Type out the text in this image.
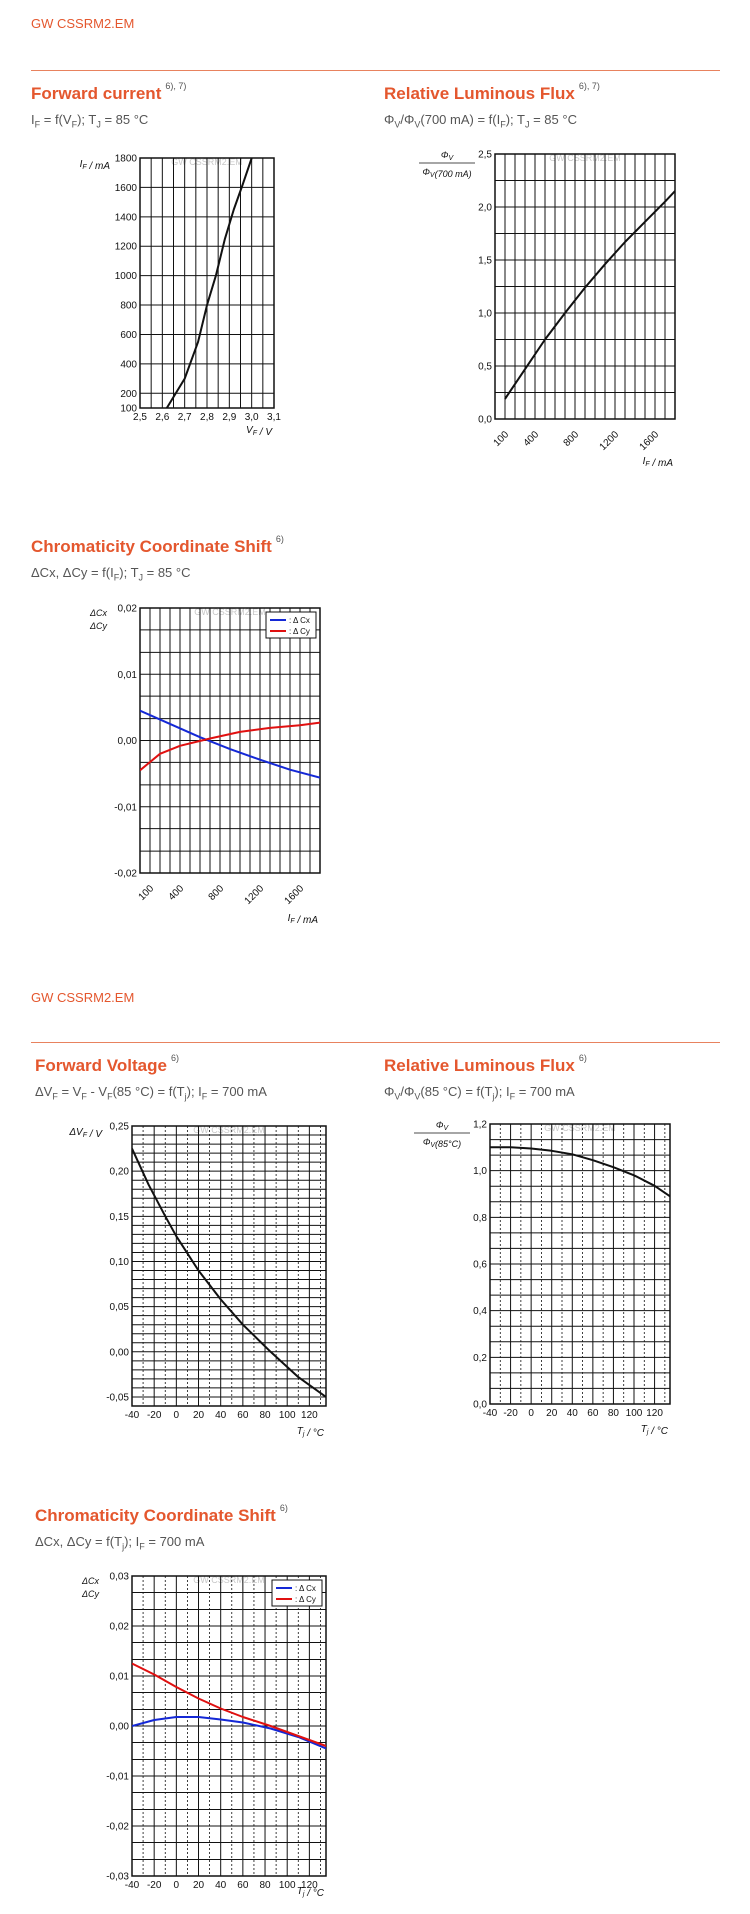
GW CSSRM2.EM
Forward current $^{6), 7)}$
$I_F = f(V_F)$; $T_J = 85$ °C
GW CSSRM2.EM
100
200
400
600
800
1000
1200
1400
1600
1800
2,5 2,6 2,7 2,8 2,9 3,0 3,1
$V_F$ / V
$I_F$ / mA
Relative Luminous Flux $^{6), 7)}$
$\Phi_V/\Phi_V(700$ $mA) = f(I_F)$; $T_J = 85$ °C
GW CSSRM2.EM
0,0
0,5
1,0
1,5
2,0
2,5
100 400 800 1200 1600
$I_F$ / mA
$\Phi_V$
$\Phi_V(700$ mA)
Chromaticity Coordinate Shift $^{6)}$
ΔCx, $\Delta Cy = f(I_F)$; $T_J = 85$ °C
GW CSSRM2.EM
-0,02
-0,01
0,00
0,01
0,02
100 400 800 1200 1600
$I_F$ / mA
ΔCx
ΔCy
: Δ Cx
: Δ Cy
GW CSSRM2.EM
Forward Voltage $^{6)}$
$\Delta V_F = V_F - V_F(85$ $^\circ C) = f(T_j)$; $I_F = 700$ mA
GW CSSRM2.EM
-0,05
0,00
0,05
0,10
0,15
0,20
0,25
-40 -20 0 20 40 60 80 100 120
$T_j / ^\circ C$
$\Delta V_F$ / V
Relative Luminous Flux $^{6)}$
$\Phi_V/\Phi_V(85$ $^\circ C) = f(T_j)$; $I_F = 700$ mA
GW CSSRM2.EM
0,0
0,2
0,4
0,6
0,8
1,0
1,2
-40 -20 0 20 40 60 80 100 120
$T_j / ^\circ C$
$\Phi_V$
$\Phi_V(85^\circ C)$
Chromaticity Coordinate Shift $^{6)}$
ΔCx, $\Delta Cy = f(T_j)$; $I_F = 700$ mA
GW CSSRM2.EM
-0,03
-0,02
-0,01
0,00
0,01
0,02
0,03
-40 -20 0 20 40 60 80 100 120
$T_j / ^\circ C$
ΔCx
ΔCy
: Δ Cx
: Δ Cy
